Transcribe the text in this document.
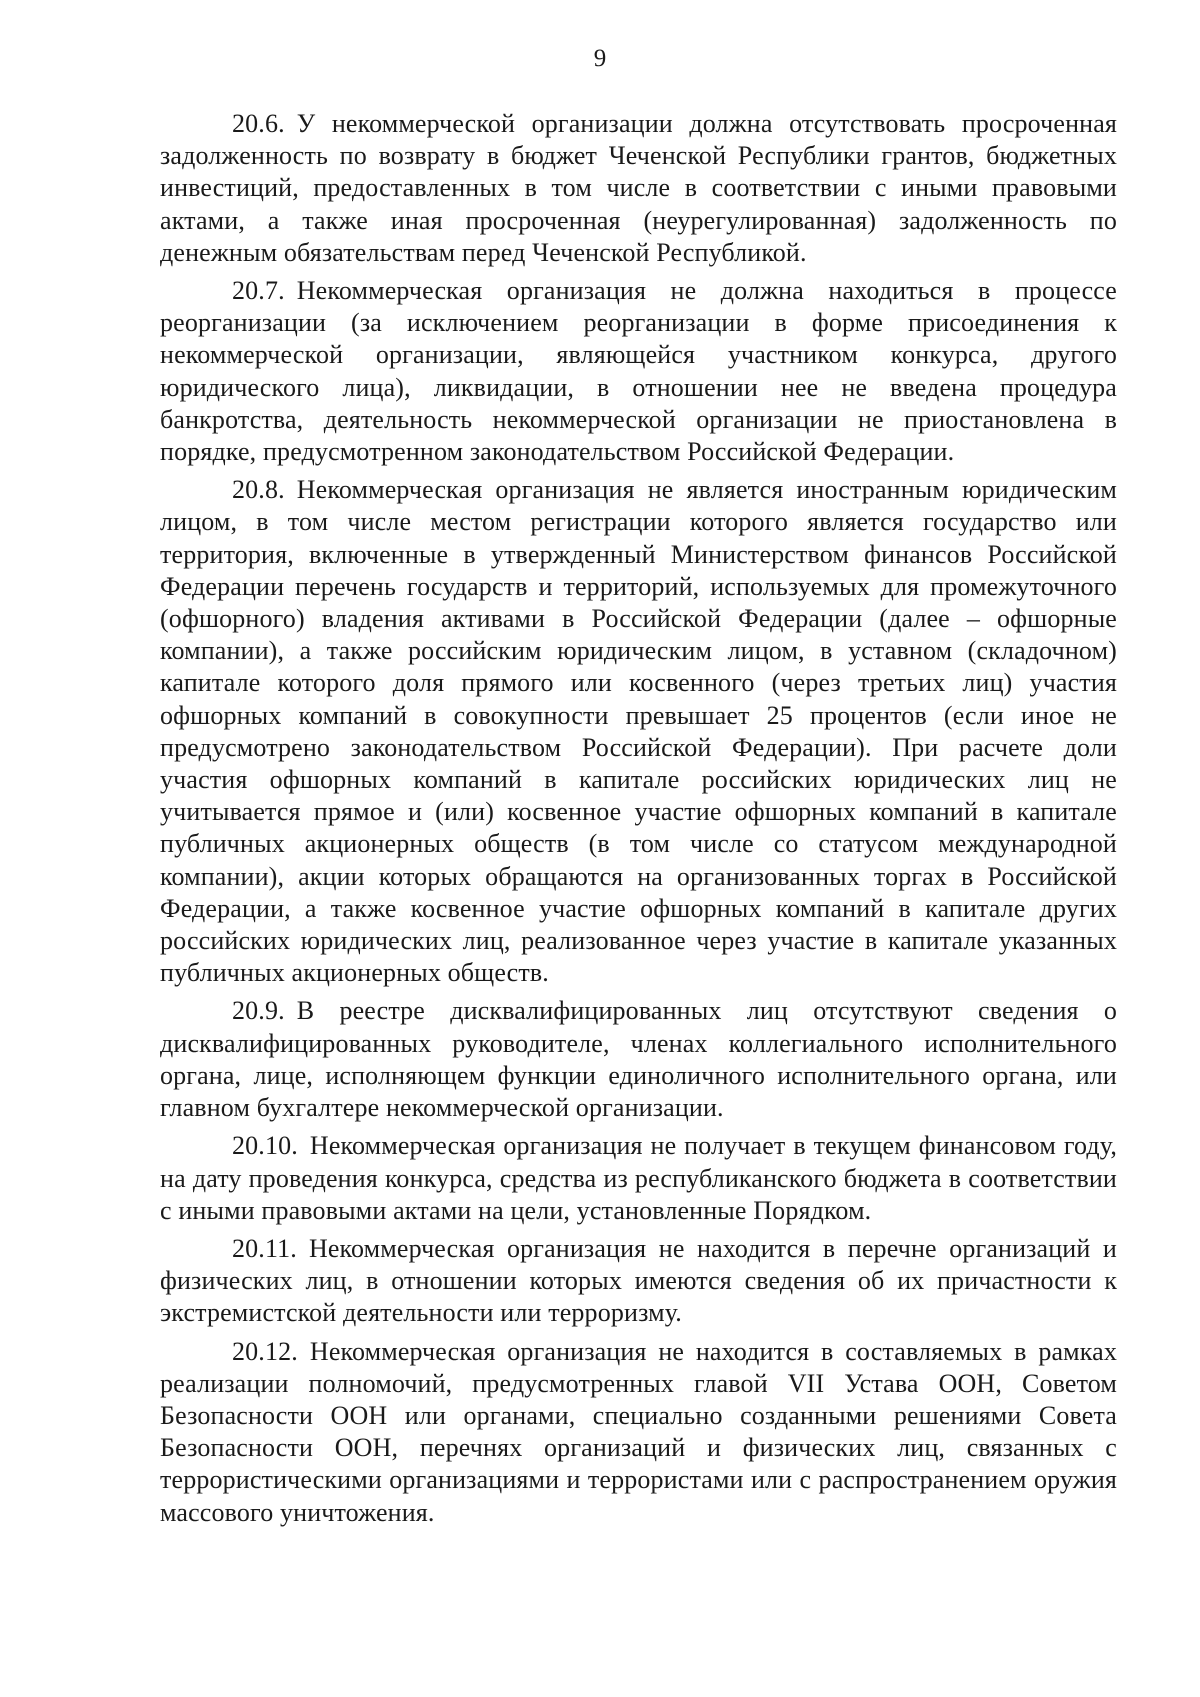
9

20.6. У некоммерческой организации должна отсутствовать просроченная задолженность по возврату в бюджет Чеченской Республики грантов, бюджетных инвестиций, предоставленных в том числе в соответствии с иными правовыми актами, а также иная просроченная (неурегулированная) задолженность по денежным обязательствам перед Чеченской Республикой.

20.7. Некоммерческая организация не должна находиться в процессе реорганизации (за исключением реорганизации в форме присоединения к некоммерческой организации, являющейся участником конкурса, другого юридического лица), ликвидации, в отношении нее не введена процедура банкротства, деятельность некоммерческой организации не приостановлена в порядке, предусмотренном законодательством Российской Федерации.

20.8. Некоммерческая организация не является иностранным юридическим лицом, в том числе местом регистрации которого является государство или территория, включенные в утвержденный Министерством финансов Российской Федерации перечень государств и территорий, используемых для промежуточного (офшорного) владения активами в Российской Федерации (далее – офшорные компании), а также российским юридическим лицом, в уставном (складочном) капитале которого доля прямого или косвенного (через третьих лиц) участия офшорных компаний в совокупности превышает 25 процентов (если иное не предусмотрено законодательством Российской Федерации). При расчете доли участия офшорных компаний в капитале российских юридических лиц не учитывается прямое и (или) косвенное участие офшорных компаний в капитале публичных акционерных обществ (в том числе со статусом международной компании), акции которых обращаются на организованных торгах в Российской Федерации, а также косвенное участие офшорных компаний в капитале других российских юридических лиц, реализованное через участие в капитале указанных публичных акционерных обществ.

20.9. В реестре дисквалифицированных лиц отсутствуют сведения о дисквалифицированных руководителе, членах коллегиального исполнительного органа, лице, исполняющем функции единоличного исполнительного органа, или главном бухгалтере некоммерческой организации.

20.10. Некоммерческая организация не получает в текущем финансовом году, на дату проведения конкурса, средства из республиканского бюджета в соответствии с иными правовыми актами на цели, установленные Порядком.

20.11. Некоммерческая организация не находится в перечне организаций и физических лиц, в отношении которых имеются сведения об их причастности к экстремистской деятельности или терроризму.

20.12. Некоммерческая организация не находится в составляемых в рамках реализации полномочий, предусмотренных главой VII Устава ООН, Советом Безопасности ООН или органами, специально созданными решениями Совета Безопасности ООН, перечнях организаций и физических лиц, связанных с террористическими организациями и террористами или с распространением оружия массового уничтожения.
